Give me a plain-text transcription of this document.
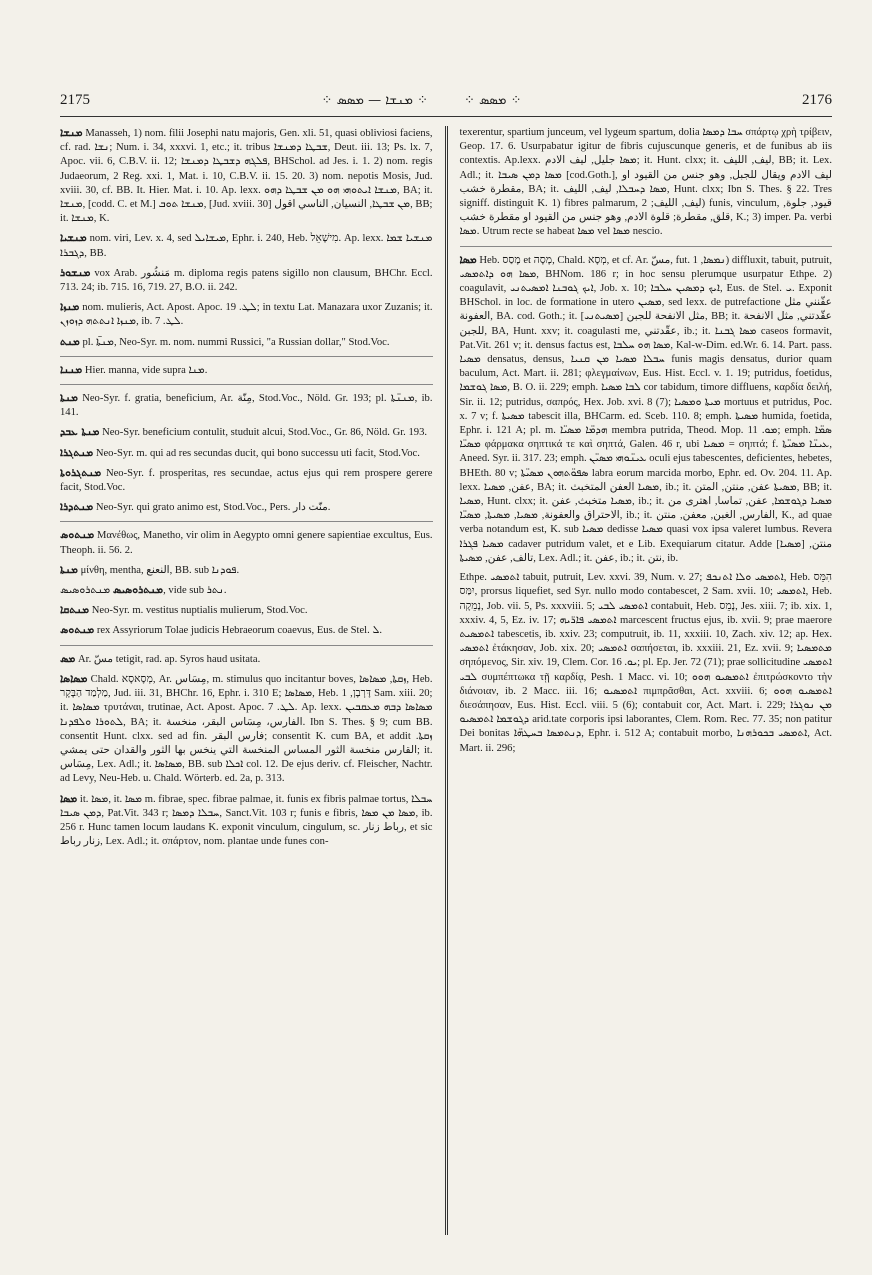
2175	⁘ ܡܢܫܐ — ܡܣܣ ⁘	⁘ ܡܣܣ ⁘	2176

ܡܢܫܐ Manasseh, 1) nom. filii Josephi natu majoris, Gen. xli. 51, quasi obliviosi faciens, cf. rad. ܢܫܐ; Num. i. 34, xxxvi. 1, etc.; it. tribus ܫܒܛܐ ܕܡܢܫܐ, Deut. iii. 13; Ps. lx. 7, Apoc. vii. 6, C.B.V. ii. 12; ܦܠܓܗ ܕܫܒܛܐ ܕܡܢܫܐ, BHSchol. ad Jes. i. 1. 2) nom. regis Judaeorum, 2 Reg. xxi. 1, Mat. i. 10, C.B.V. ii. 15. 20. 3) nom. nepotis Mosis, Jud. xviii. 30, cf. BB. It. Hier. Mat. i. 10. Ap. lexx. ܡܢܫܐ ܐܝܬܘܗܝ ܗܘ ܡܢ ܫܒܛܐ ܕܗܘ, BA; it. ܡܢܫܐ, [codd. C. et M.] ܡܢܫܐ ܬܘܒ, [Jud. xviii. 30] ܡܢ ܫܒܛܐ, النسيان, الناسي اقول, BB; it. ܡܢܫܐ, K.

ܡܢܫܝܐ nom. viri, Lev. x. 4, sed ܡܝܫܐܝܠ, Ephr. i. 240, Heb. מִישָׁאֵל. Ap. lexx. ܡܢܫܝܐ ܫܡܐ ܕܓܒܪܐ, BB.

ܡܢܫܘܪ vox Arab. مَنشُور m. diploma regis patens sigillo non clausum, BHChr. Eccl. 713. 24; ib. 715. 16, 719. 27, B.O. ii. 242.

ܡܢܙܐ nom. mulieris, Act. Apost. Apoc. ܠܛ. 19; in textu Lat. Manazara uxor Zuzanis; it. ܡܢܙܐ ܐܢܬܬܗ ܕܙܘܙܢ, ib. ܠܛ. 7.

ܡܢܬ pl. ܡܢܬ̈ܐ, Neo-Syr. m. nom. nummi Russici, "a Russian dollar," Stod.Voc.

ܡܢܢܐ Hier. manna, vide supra ܡܢܐ.

ܡܢܬܐ Neo-Syr. f. gratia, beneficium, Ar. مِنّة, Stod.Voc., Nöld. Gr. 193; pl. ܡܢܢ̈ܬܐ, ib. 141.

ܡܢܬܐ ܥܒܕ Neo-Syr. beneficium contulit, studuit alcui, Stod.Voc., Gr. 86, Nöld. Gr. 193.

ܡܢܬܓܪܐ Neo-Syr. m. qui ad res secundas ducit, qui bono successu uti facit, Stod.Voc.

ܡܢܬܓܪܘܬܐ Neo-Syr. f. prosperitas, res secundae, actus ejus qui rem prospere gerere facit, Stod.Voc.

ܡܢܬܕܪܐ Neo-Syr. qui grato animo est, Stod.Voc., Pers. منّت دار.

ܡܢܬܘܣ Μανέθως, Manetho, vir olim in Aegypto omni genere sapientiae excultus, Eus. Theoph. ii. 56. 2.

ܡܢܬܐ μίνθη, mentha, النعنع, BB. sub ܦܘܕܢܐ.

ܡܢܬܪܘܣܝܣ ܡܢܬܪܘܣܝܣ, vide sub ܢܬܪ.

ܡܢܬܩܐ Neo-Syr. m. vestitus nuptialis mulierum, Stod.Voc.

ܡܢܬܘܣ rex Assyriorum Tolae judicis Hebraeorum coaevus, Eus. de Stel. ܠ.

ܡܣ Ar. مسّ tetigit, rad. ap. Syros haud usitata.

ܡܣܐܣܐ Chald. מְסָאסָא, Ar. مِسَاس, m. stimulus quo incitantur boves, ܙܩܬܐ, ܡܣܐܣܐ, Heb. מַלְמַד הַבָּקָר, Jud. iii. 31, BHChr. 16, Ephr. i. 310 E; ܡܣܐܣܐ, Heb. דָּרְבָן, 1 Sam. xiii. 20; it. ܡܣܐܣܐ τρυτάναι, trutinae, Act. Apost. Apoc. ܠܛ. 7. Ap. lexx. ܡܣܐܣܐ ܕܒܗ ܡܥܩܒܝܢ ܠܬܘܪܐ ܘܠܦܕܢܐ, BA; it. الفارس، مِسَاس البقر، منخسة. Ibn S. Thes. § 9; cum BB. consentit Hunt. clxx. sed ad fin. فارس البقر; consentit K. cum BA, et addit ܙܩܬܐ. القارس منخسة الثور المساس المنخسة التي ينخس بها الثور والقدان حتى يمشي; it. مِسَاس, Lex. Adl.; it. ܡܣܐܣܐ, BB. sub ܐܟܠܐ col. 12. De ejus deriv. cf. Fleischer, Nachtr. ad Levy, Neu-Heb. u. Chald. Wörterb. ed. 2a, p. 313.

ܡܣܐ it. ܡܣܐ, it. ܡܣܐ m. fibrae, spec. fibrae palmae, it. funis ex fibris palmae tortus, ܚܒܠܐ ܕܡܢ ܣܝܒܐ, Pat.Vit. 343 r; ܚܒܠܐ ܕܡܣܐ, Sanct.Vit. 103 r; funis e fibris, ܡܣܐ ܡܢ ܡܣܐ, ib. 256 r. Hunc tamen locum laudans K. exponit vinculum, cingulum, sc. رباط زنار, et sic زنار رباط, Lex. Adl.; it. σπάρτον, nom. plantae unde funes con-

texerentur, spartium junceum, vel lygeum spartum, dolia ܚܒܐ ܕܡܣܐ σπάρτῳ χρὴ τρίβειν, Geop. 17. 6. Usurpabatur igitur de fibris cujuscunque generis, et de funibus ab iis contextis. Ap.lexx. ܡܣܐ جليل, ليف الادم; it. Hunt. clxx; it. ليف, الليف, BB; it. Lex. Adl.; it. ܡܣܐ ܕܡܢ ܣܝܒܐ [cod.Goth.], ليف الادم ويقال للجبل, وهو جنس من القيود او مقطرة خشب, BA; it. ܡܣܐ ܕܚܒܠܐ, ليف, الليف, Hunt. clxx; Ibn S. Thes. § 22. Tres signiff. distinguit K. 1) fibres palmarum, ليف, الليف; 2) funis, vinculum, قيود, جلوة, قلق, مقطرة; قلوة الادم, وهو جنس من القيود او مقطرة خشب, K.; 3) imper. Pa. verbi ܡܣܐ. Utrum recte se habeat ܡܣܐ vel ܡܣܐ nescio.

ܡܣܐ Heb. מָסַס et מָסָה, Chald. מְסָא, et cf. Ar. مسّ, fut. ܢܡܣܐ, 1) diffluxit, tabuit, putruit, ܡܣܐ ܗܘ ܕܐܬܡܣܝ, BHNom. 186 r; in hoc sensu plerumque usurpatur Ethpe. 2) coagulavit, ܐܝܟ ܓܘܒܢܐ ܐܡܣܝܬܢܝ, Job. x. 10; ܐܝܟ ܕܡܣܝܢ ܚܠܒܐ, Eus. de Stel. ܝ. Exponit BHSchol. in loc. de formatione in utero ܡܣܝܢ, sed lexx. de putrefactione عفّنني مثل العفونة, BA. cod. Goth.; it. [ܡܣܝܬܢܝ] مثل الانفحة للجبن, BB; it. عقّدتني, مثل الانفحة للجبن, BA, Hunt. xxv; it. coagulasti me, عقّدتني, ib.; it. ܡܣܐ ܓܒܢܐ caseos formavit, Pat.Vit. 261 v; it. densus factus est, ܡܣܐ ܗܘ ܚܠܒܐ, Kal-w-Dim. ed.Wr. 6. 14. Part. pass. ܡܣܝܐ densatus, densus, ܚܒܠܐ ܡܣܝܐ ܡܢ ܩܢܝܐ funis magis densatus, durior quam baculum, Act. Mart. ii. 281; φλεγμαίνων, Eus. Hist. Eccl. v. 1. 19; putridus, foetidus, ܡܣܐ ܓܘܫܡܐ, B. O. ii. 229; emph. ܠܒܐ ܡܣܝܐ cor tabidum, timore diffluens, καρδία δειλή, Sir. ii. 12; putridus, σαπρός, Hex. Job. xvi. 8 (7); ܡܝܬܐ ܘܡܣܝܐ mortuus et putridus, Poc. x. 7 v; f. ܡܣܝܬܐ tabescit illa, BHCarm. ed. Sceb. 110. 8; emph. ܡܣܝܬܐ humida, foetida, Ephr. i. 121 A; pl. m. ܗܕܡ̈ܐ ܡܣܝ̈ܐ membra putrida, Theod. Mop. ܡܘ. 11; emph. ܣܡ̈ܐ ܡܣܝ̈ܐ φάρμακα σηπτικά τε καὶ σηπτά, Galen. 46 r, ubi ܡܣܝܐ = σηπτά; f. ܥܝܢ̈ܐ ܡܣܝ̈ܬܐ, Aneed. Syr. ii. 317. 23; emph. ܥܝܢ̈ܘܗܝ ܡܣܝ̈ܢ oculi ejus tabescentes, deficientes, hebetes, BHEth. 80 v; ܣܦܘ̈ܬܗܘܢ ܡܣܝ̈ܬܐ labra eorum marcida morbo, Ephr. ed. Ov. 204. 11. Ap. lexx. عفن, ܡܣܝܐ, BA; it. ܡܣܝܐ العفن المتخبث, ib.; it. ܡܣܝܬܐ عفن, منتن, المتن, BB; it. ܡܣܝܐ, Hunt. clxx; it. ܡܣܝܐ متخبث, عفن, ib.; it. ܡܣܝܐ ܕܓܘܫܡܐ, عفن, تماسا, اهترى من الاحتراق والعفونة, ܡܣܝܐ, ܡܣܝܬܐ, ܡܣܝ̈ܐ, ib.; it. الفارس, الغبن, معفن, منتن, K., ad quae verba notandum est, K. sub ܡܣܝܐ dedisse ܡܣܝܐ quasi vox ipsa valeret lumbus. Revera ܡܣܝܐ ܦܓܪܐ cadaver putridum valet, et e Lib. Exequiarum citatur. Adde [ܡܣܝܐ] منتن, تالف, عفن, ܡܣܝܬܐ, Lex. Adl.; it. عفن, ib.; it. نتن, ib.

Ethpe. ܐܬܡܣܝ tabuit, putruit, Lev. xxvi. 39, Num. v. 27; ܐܬܡܣܝ ܘܠܐ ܐܬܢܟܦ, Heb. הִמֵּס יִמַּס, prorsus liquefiet, sed Syr. nullo modo contabescet, 2 Sam. xvii. 10; ܐܬܡܣܝ, Heb. נָמֵקָה, Job. vii. 5, Ps. xxxviii. 5; ܐܬܡܣܝ ܠܒܝ contabuit, Heb. נָמֵס, Jes. xiii. 7; ib. xix. 1, xxxiv. 4, 5, Ez. iv. 17; ܐܬܡܣܝ ܦܐܪ̈ܝܗ marcescent fructus ejus, ib. xvii. 9; prae maerore ܐܬܡܣܝܬ tabescetis, ib. xxiv. 23; computruit, ib. 11, xxxiii. 10, Zach. xiv. 12; ap. Hex. ܐܬܡܣܝ ἐτάκησαν, Job. xix. 20; ܐܬܡܣܝ σαπήσεται, ib. xxxiii. 21, Ez. xvii. 9; ܡܬܡܣܝܐ σηπόμενος, Sir. xiv. 19, Clem. Cor. ܝܘ. 16; pl. Ep. Jer. 72 (71); prae sollicitudine ܐܬܡܣܝ ܠܒܝ συμπέπτωκα τῇ καρδίᾳ, Pesh. 1 Macc. vi. 10; ܐܬܡܣܝܘ ܗܘܘ ἐπιτρώσκοντο τὴν διάνοιαν, ib. 2 Macc. iii. 16; ܐܬܡܣܝܘ πιμπρᾶσθαι, Act. xxviii. 6; ܐܬܡܣܝܘ ܗܘܘ διεσάπησαν, Eus. Hist. Eccl. viii. 5 (6); contabuit cor, Act. Mart. i. 229; ܡܢ ܢܘܓܪܐ ܕܓܘܫܡܐ ܐܬܡܣܝܘ arid.tate corporis ipsi laborantes, Clem. Rom. Rec. 77. 35; non patitur Dei bonitas ܕܢܬܡܣܐ ܒܚܛܗ̈ܐ, Ephr. i. 512 A; contabuit morbo, ܐܬܡܣܝ ܒܟܘܪܗܢܐ, Act. Mart. ii. 296;
